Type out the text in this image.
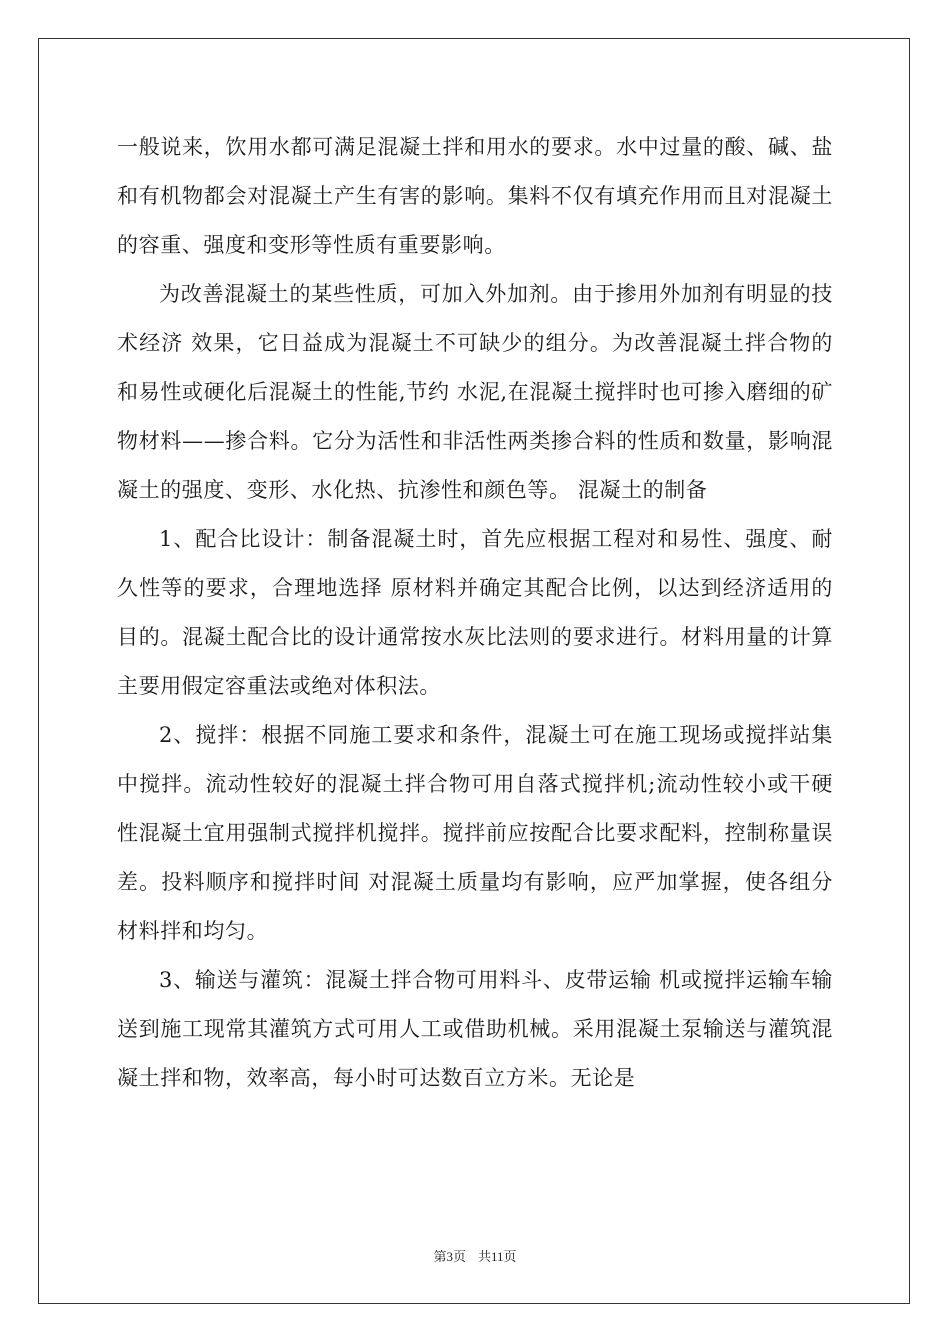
一般说来，饮用水都可满足混凝土拌和用水的要求。水中过量的酸、碱、盐和有机物都会对混凝土产生有害的影响。集料不仅有填充作用而且对混凝土的容重、强度和变形等性质有重要影响。

为改善混凝土的某些性质，可加入外加剂。由于掺用外加剂有明显的技术经济 效果，它日益成为混凝土不可缺少的组分。为改善混凝土拌合物的和易性或硬化后混凝土的性能,节约 水泥,在混凝土搅拌时也可掺入磨细的矿物材料——掺合料。它分为活性和非活性两类掺合料的性质和数量，影响混凝土的强度、变形、水化热、抗渗性和颜色等。 混凝土的制备

1、配合比设计：制备混凝土时，首先应根据工程对和易性、强度、耐久性等的要求，合理地选择 原材料并确定其配合比例，以达到经济适用的目的。混凝土配合比的设计通常按水灰比法则的要求进行。材料用量的计算主要用假定容重法或绝对体积法。

2、搅拌：根据不同施工要求和条件，混凝土可在施工现场或搅拌站集中搅拌。流动性较好的混凝土拌合物可用自落式搅拌机;流动性较小或干硬性混凝土宜用强制式搅拌机搅拌。搅拌前应按配合比要求配料，控制称量误差。投料顺序和搅拌时间 对混凝土质量均有影响，应严加掌握，使各组分材料拌和均匀。

3、输送与灌筑：混凝土拌合物可用料斗、皮带运输 机或搅拌运输车输送到施工现常其灌筑方式可用人工或借助机械。采用混凝土泵输送与灌筑混凝土拌和物，效率高，每小时可达数百立方米。无论是

第3页 共11页
